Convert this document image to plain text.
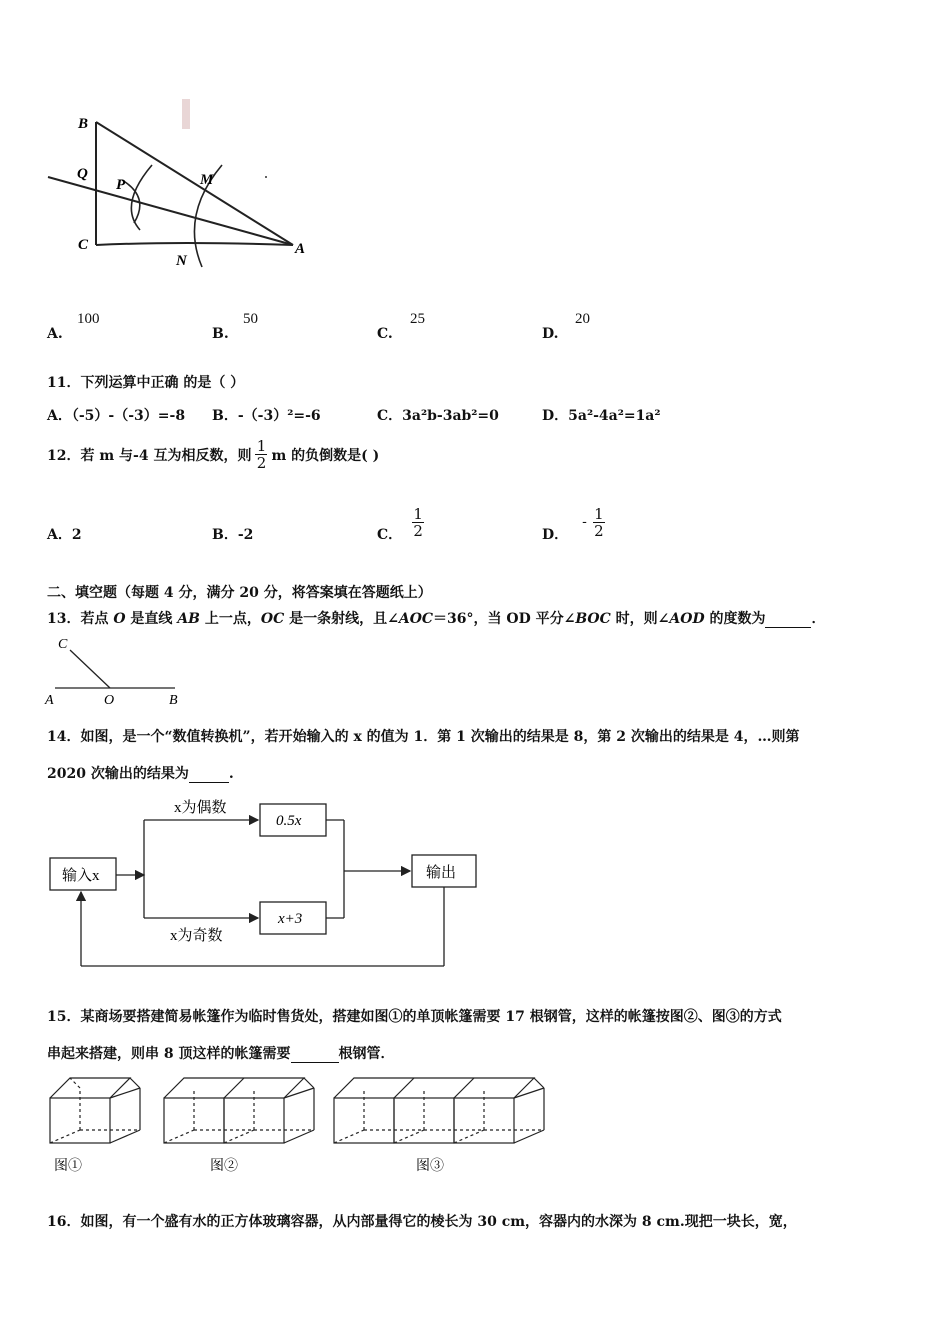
B
Q
P	M
C
N
A
A.
100
B.
50
C.
25
D.
20
11．下列运算中正确 的是（ ）
A．（-5）-（-3）=-8 B．-（-3）²=-6	C．3a²b-3ab²=0	D．5a²-4a²=1a²
12．若 m 与-4 互为相反数，则 $\frac{1}{2}$ m 的负倒数是( )
A．2	B．-2	C． $\frac{1}{2}$	D．
- $\frac{1}{2}$
二、填空题（每题 4 分，满分 20 分，将答案填在答题纸上）
13．若点 O 是直线 AB 上一点，OC 是一条射线，且∠AOC＝36°，当 OD 平分∠BOC 时，则∠AOD 的度数为	．
C
A	O	B
14．如图，是一个“数值转换机”，若开始输入的 x 的值为 1．第 1 次输出的结果是 8，第 2 次输出的结果是 4，…则第
2020 次输出的结果为	.
输入x
x为偶数
x为奇数
0.5x
x+3
输出
15．某商场要搭建简易帐篷作为临时售货处，搭建如图①的单顶帐篷需要 17 根钢管，这样的帐篷按图②、图③的方式
串起来搭建，则串 8 顶这样的帐篷需要	根钢管．
图①	图②	图③
16．如图，有一个盛有水的正方体玻璃容器，从内部量得它的棱长为 30 cm，容器内的水深为 8 cm.现把一块长，宽，
